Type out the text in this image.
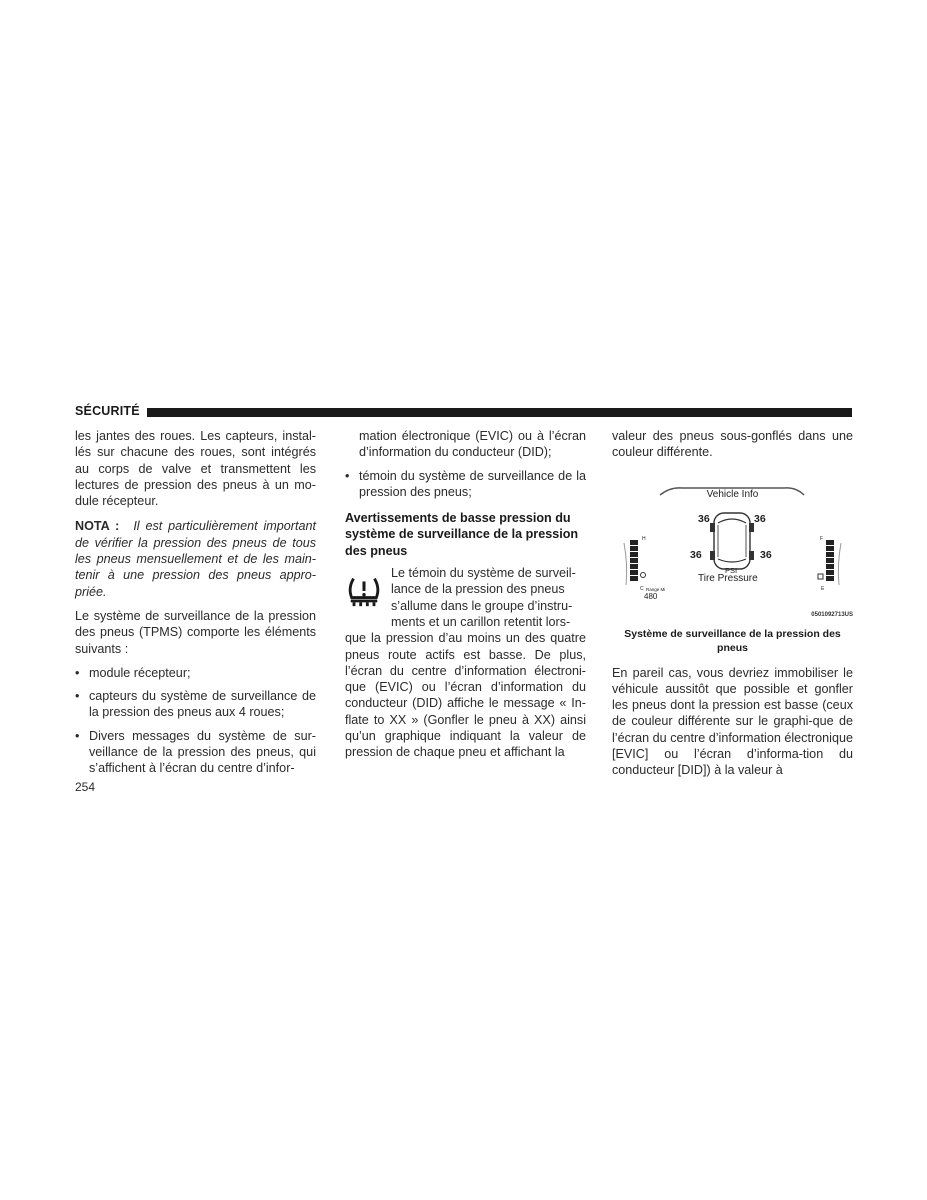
SÉCURITÉ

les jantes des roues. Les capteurs, instal-lés sur chacune des roues, sont intégrés au corps de valve et transmettent les lectures de pression des pneus à un mo-dule récepteur.

NOTA : Il est particulièrement important de vérifier la pression des pneus de tous les pneus mensuellement et de les main-tenir à une pression des pneus appro-priée.

Le système de surveillance de la pression des pneus (TPMS) comporte les éléments suivants :

• module récepteur;
• capteurs du système de surveillance de la pression des pneus aux 4 roues;
• Divers messages du système de sur-veillance de la pression des pneus, qui s’affichent à l’écran du centre d’infor-
mation électronique (EVIC) ou à l’écran d’information du conducteur (DID);
• témoin du système de surveillance de la pression des pneus;
Avertissements de basse pression du système de surveillance de la pression des pneus

Le témoin du système de surveil-

lance de la pression des pneus

s’allume dans le groupe d’instru-

ments et un carillon retentit lors-

que la pression d’au moins un des quatre pneus route actifs est basse. De plus, l’écran du centre d’information électroni-que (EVIC) ou l’écran d’information du conducteur (DID) affiche le message « In-flate to XX » (Gonfler le pneu à XX) ainsi qu’un graphique indiquant la valeur de pression de chaque pneu et affichant la

valeur des pneus sous-gonflés dans une couleur différente.

Vehicle Info
36	36
36	36
PSI
Tire Pressure
H
C
F
E
Range Mi
480
0501092713US
Système de surveillance de la pression des pneus

En pareil cas, vous devriez immobiliser le véhicule aussitôt que possible et gonfler les pneus dont la pression est basse (ceux de couleur différente sur le graphi-que de l’écran du centre d’information électronique [EVIC] ou l’écran d’informa-tion du conducteur [DID]) à la valeur à

254
